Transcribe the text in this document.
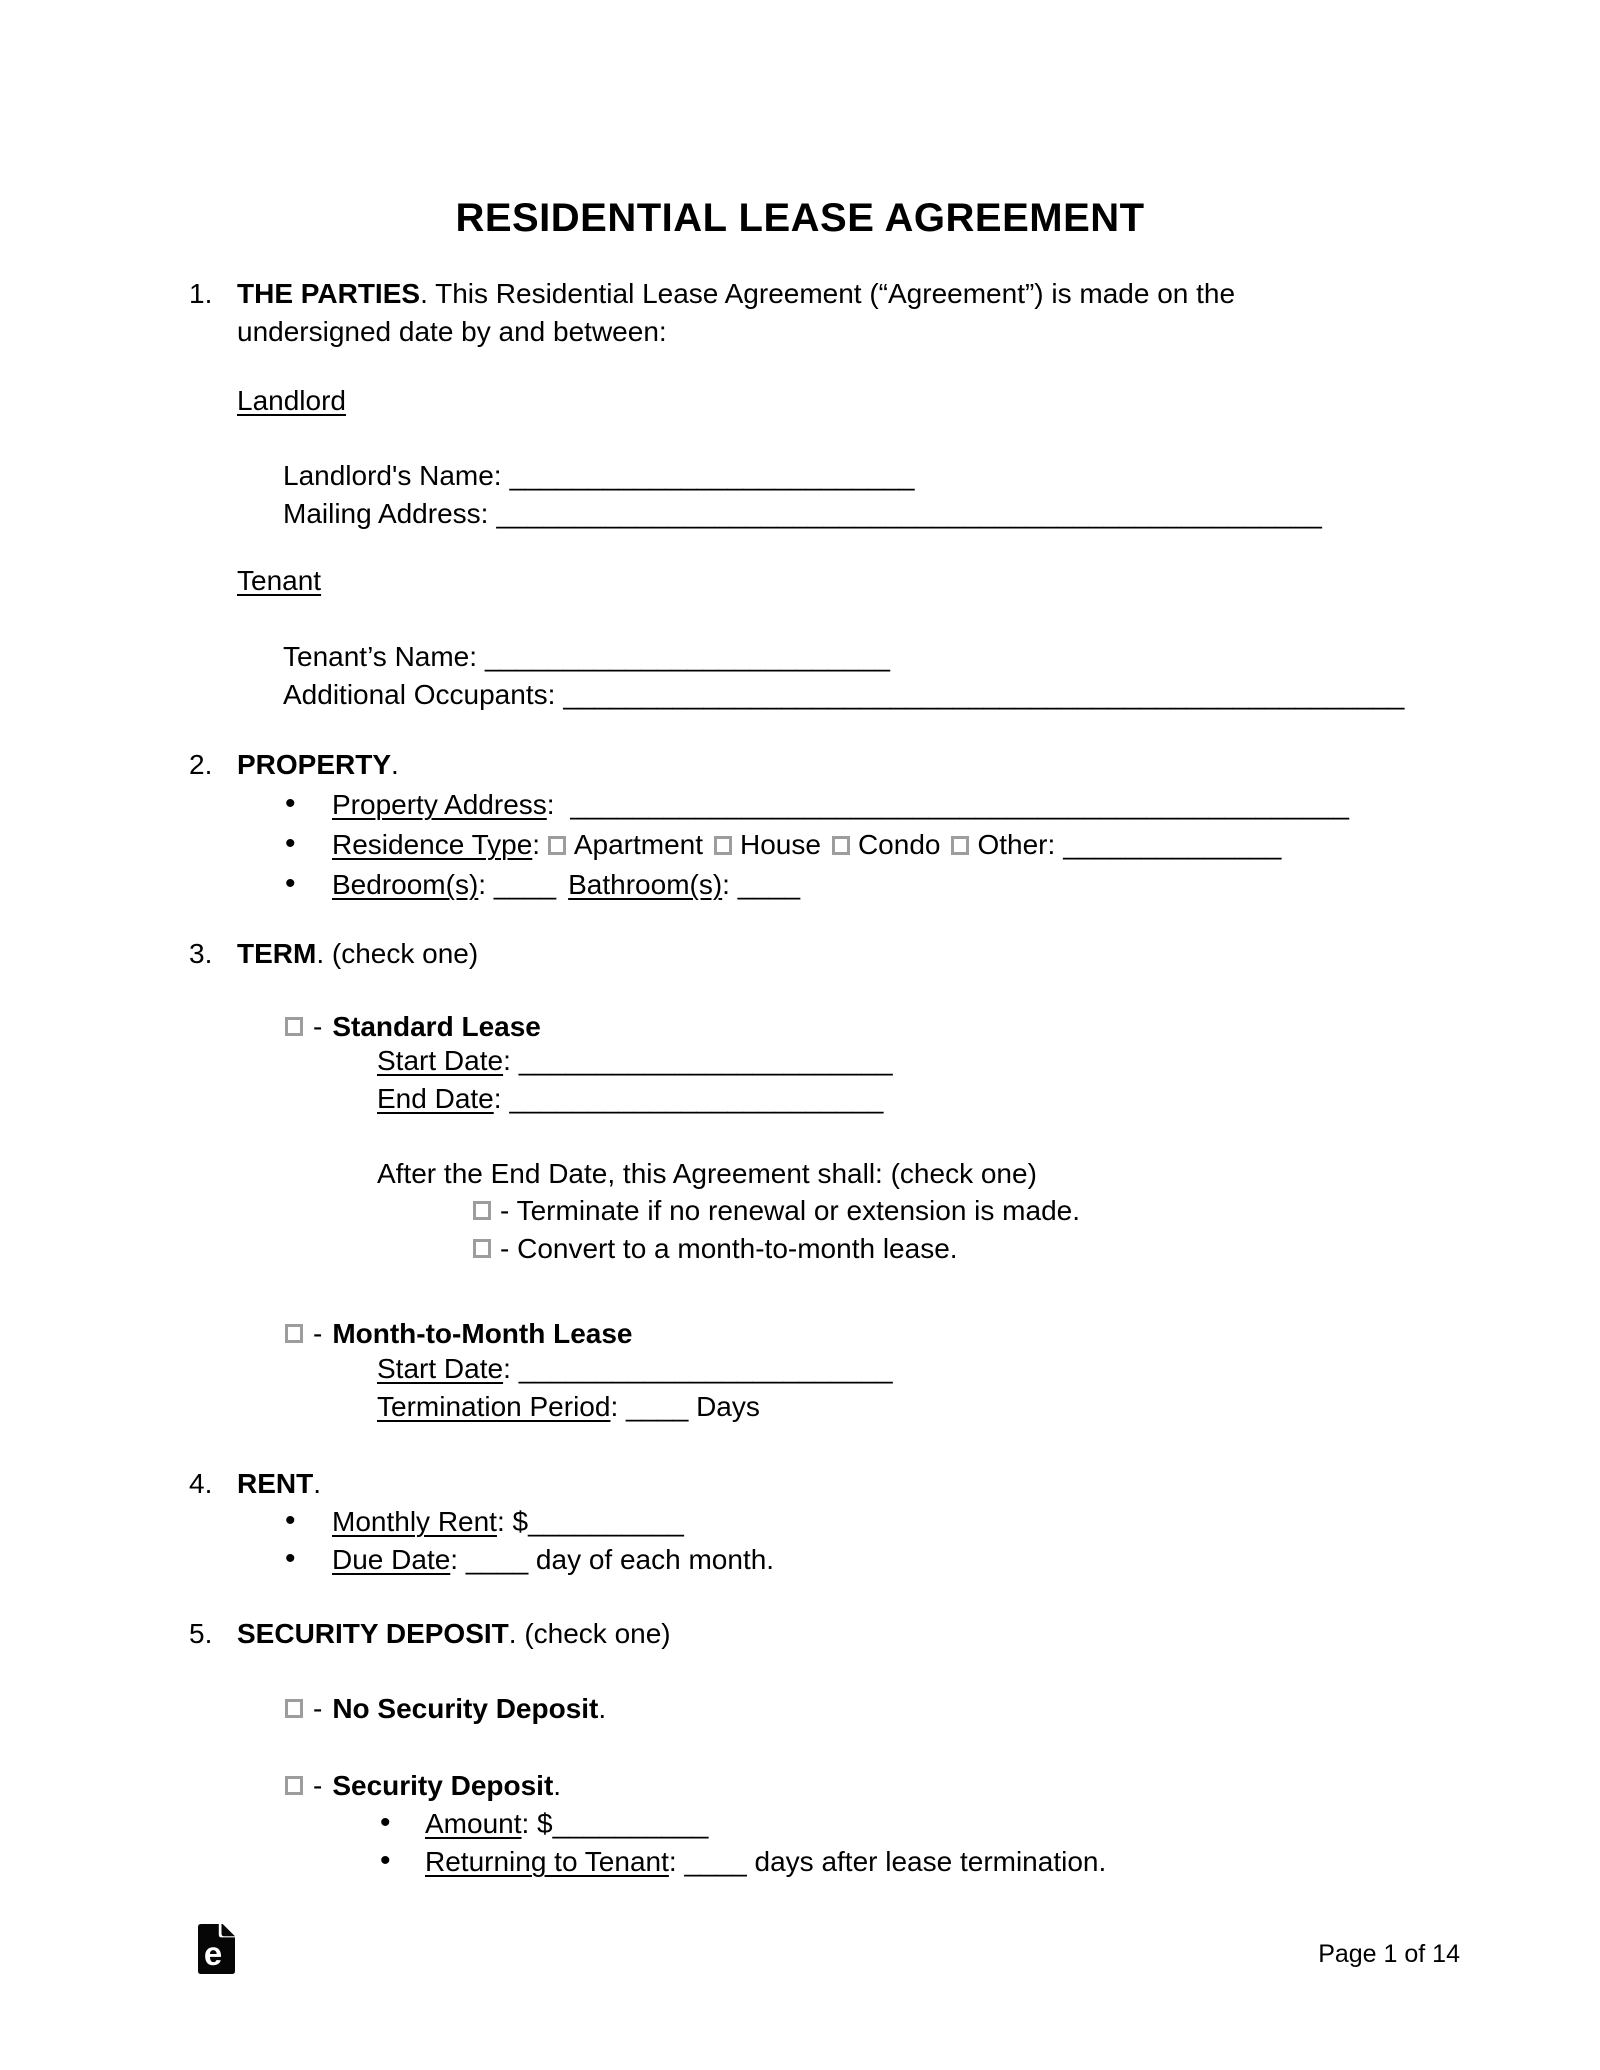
RESIDENTIAL LEASE AGREEMENT
1. THE PARTIES. This Residential Lease Agreement (“Agreement”) is made on the
undersigned date by and between:
Landlord
Landlord's Name: __________________________
Mailing Address: _____________________________________________________
Tenant
Tenant’s Name: __________________________
Additional Occupants: ______________________________________________________
2. PROPERTY.
• Property Address: __________________________________________________
• Residence Type: Apartment House Condo Other: ______________
• Bedroom(s): ____ Bathroom(s): ____
3. TERM. (check one)
- Standard Lease
Start Date: ________________________
End Date: ________________________
After the End Date, this Agreement shall: (check one)
- Terminate if no renewal or extension is made.
- Convert to a month-to-month lease.
- Month-to-Month Lease
Start Date: ________________________
Termination Period: ____ Days
4. RENT.
• Monthly Rent: $__________
• Due Date: ____ day of each month.
5. SECURITY DEPOSIT. (check one)
- No Security Deposit.
- Security Deposit.
• Amount: $__________
• Returning to Tenant: ____ days after lease termination.
e	Page 1 of 14
